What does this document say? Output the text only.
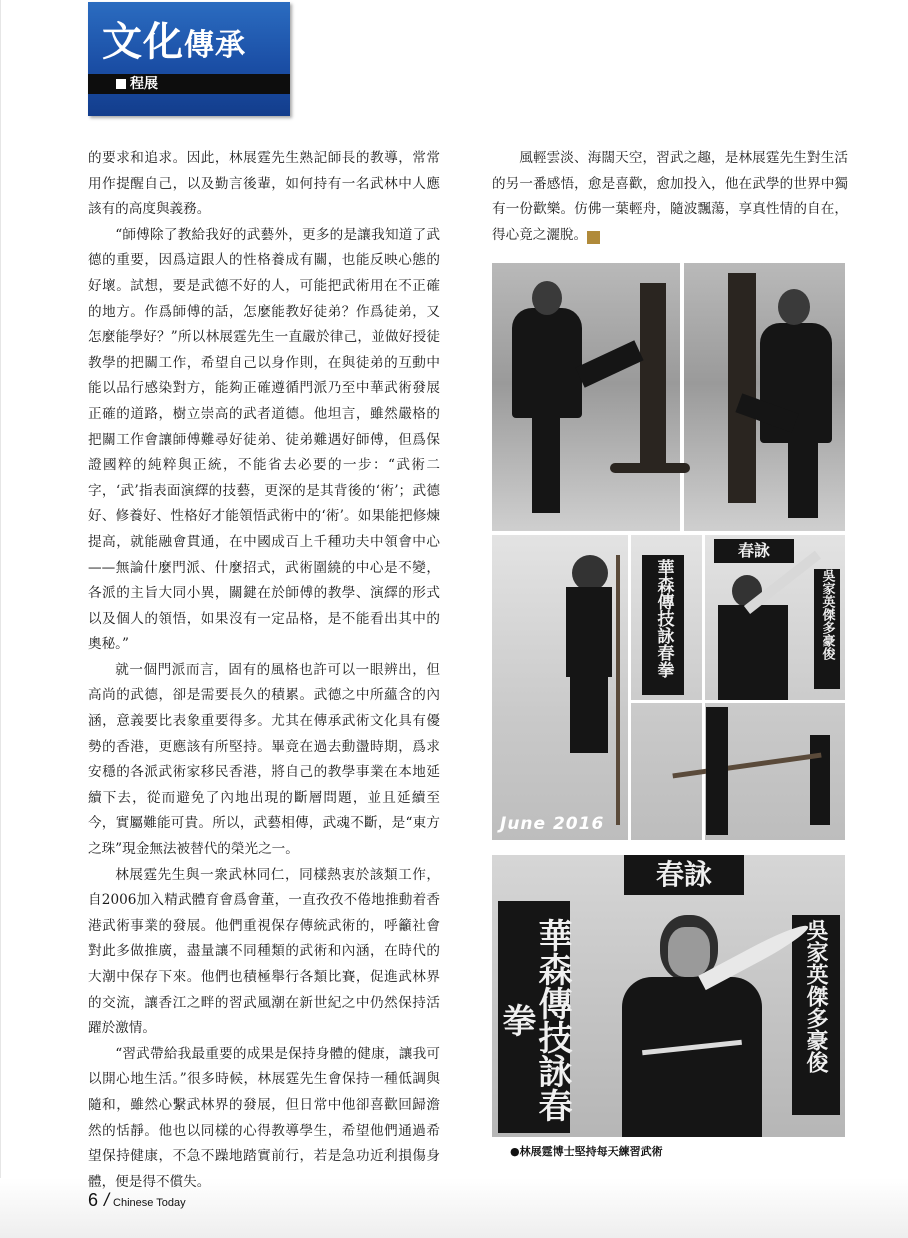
文化傳承
程展

的要求和追求。因此，林展霆先生熟記師長的教導，常常用作提醒自己，以及勤言後輩，如何持有一名武林中人應該有的高度與義務。

“師傅除了教給我好的武藝外，更多的是讓我知道了武德的重要，因爲這跟人的性格養成有關，也能反映心態的好壞。試想，要是武德不好的人，可能把武術用在不正確的地方。作爲師傅的話，怎麼能教好徒弟？作爲徒弟，又怎麼能學好？”所以林展霆先生一直嚴於律己，並做好授徒教學的把關工作，希望自己以身作則，在與徒弟的互動中能以品行感染對方，能夠正確遵循門派乃至中華武術發展正確的道路，樹立崇高的武者道德。他坦言，雖然嚴格的把關工作會讓師傅難尋好徒弟、徒弟難遇好師傅，但爲保證國粹的純粹與正統，不能省去必要的一步：“武術二字，‘武’指表面演繹的技藝，更深的是其背後的‘術’；武德好、修養好、性格好才能領悟武術中的‘術’。如果能把修煉提高，就能融會貫通，在中國成百上千種功夫中領會中心——無論什麼門派、什麼招式，武術圍繞的中心是不變，各派的主旨大同小異，關鍵在於師傅的教學、演繹的形式以及個人的領悟，如果沒有一定品格，是不能看出其中的奧秘。”

就一個門派而言，固有的風格也許可以一眼辨出，但高尚的武德，卻是需要長久的積累。武德之中所蘊含的內涵，意義要比表象重要得多。尤其在傳承武術文化具有優勢的香港，更應該有所堅持。畢竟在過去動盪時期，爲求安穩的各派武術家移民香港，將自己的教學事業在本地延續下去，從而避免了內地出現的斷層問題，並且延續至今，實屬難能可貴。所以，武藝相傳，武魂不斷，是“東方之珠”現金無法被替代的榮光之一。

林展霆先生與一衆武林同仁，同樣熱衷於該類工作，自2006加入精武體育會爲會董，一直孜孜不倦地推動着香港武術事業的發展。他們重視保存傳統武術的，呼籲社會對此多做推廣，盡量讓不同種類的武術和內涵，在時代的大潮中保存下來。他們也積極舉行各類比賽，促進武林界的交流，讓香江之畔的習武風潮在新世紀之中仍然保持活躍於激情。

“習武帶給我最重要的成果是保持身體的健康，讓我可以開心地生活。”很多時候，林展霆先生會保持一種低調與隨和，雖然心繫武林界的發展，但日常中他卻喜歡回歸澹然的恬靜。他也以同樣的心得教導學生，希望他們通過希望保持健康，不急不躁地踏實前行，若是急功近利損傷身體，便是得不償失。

風輕雲淡、海闊天空，習武之趣，是林展霆先生對生活的另一番感悟，愈是喜歡，愈加投入，他在武學的世界中獨有一份歡樂。仿佛一葉輕舟，隨波飄蕩，享真性情的自在，得心竟之灑脫。	劭

華森傳技詠春拳
春詠
吳家英傑多豪俊
June 2016
春詠
華森傳技詠春拳	吳家英傑多豪俊
●林展霆博士堅持每天練習武術
6 / Chinese Today
